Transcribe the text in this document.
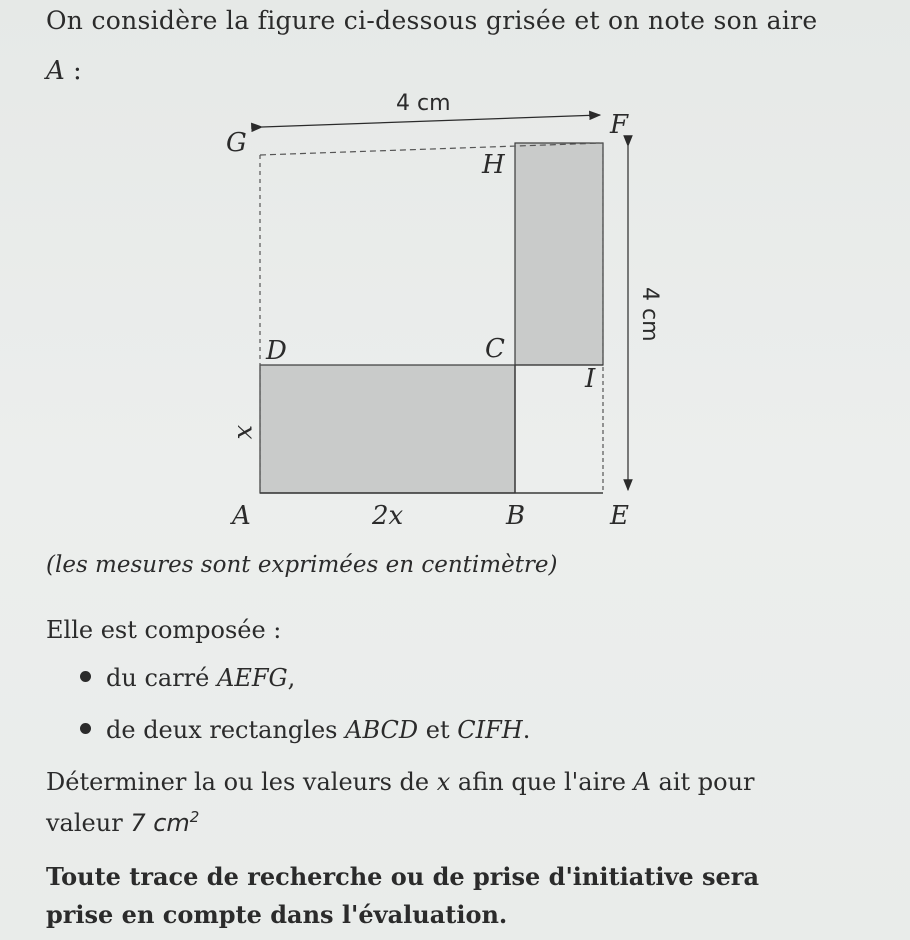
On considère la figure ci-dessous grisée et on note son aire
A :
4 cm
4 cm
G
F
H
D	C
I
A	B	E
x
2x
(les mesures sont exprimées en centimètre)
Elle est composée :
du carré AEFG,
de deux rectangles ABCD et CIFH.
Déterminer la ou les valeurs de x afin que l'aire A ait pour
valeur 7 $cm^2$
Toute trace de recherche ou de prise d'initiative sera
prise en compte dans l'évaluation.
